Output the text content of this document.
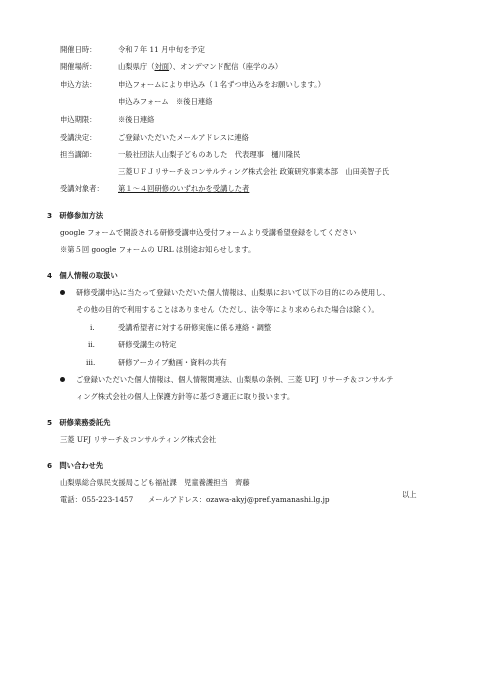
開催日時：	令和７年 11 月中旬を予定
開催場所：	山梨県庁（対面）、オンデマンド配信（座学のみ）
申込方法：	申込フォームにより申込み（１名ずつ申込みをお願いします。）
申込みフォーム　※後日連絡
申込期限：	※後日連絡
受講決定：	ご登録いただいたメールアドレスに連絡
担当講師：	一般社団法人山梨子どものあした　代表理事　樋川隆民
三菱ＵＦＪリサーチ＆コンサルティング株式会社 政策研究事業本部　山田美智子氏
受講対象者： 第１～４回研修のいずれかを受講した者
3　研修参加方法
google フォームで開設される研修受講申込受付フォームより受講希望登録をしてください
※第５回 google フォームの URL は別途お知らせします。
4　個人情報の取扱い
研修受講申込に当たって登録いただいた個人情報は、山梨県において以下の目的にのみ使用し、
その他の目的で利用することはありません（ただし、法令等により求められた場合は除く）。
i.	受講希望者に対する研修実施に係る連絡・調整
ii.	研修受講生の特定
iii.	研修アーカイブ動画・資料の共有
ご登録いただいた個人情報は、個人情報関連法、山梨県の条例、三菱 UFJ リサーチ＆コンサルテ
ィング株式会社の個人上保護方針等に基づき適正に取り扱います。
5　研修業務委託先
三菱 UFJ リサーチ＆コンサルティング株式会社
6　問い合わせ先
山梨県総合県民支援局こども福祉課　児童養護担当　齊藤
電話：055-223-1457 メールアドレス：ozawa-akyj@pref.yamanashi.lg.jp
以上
